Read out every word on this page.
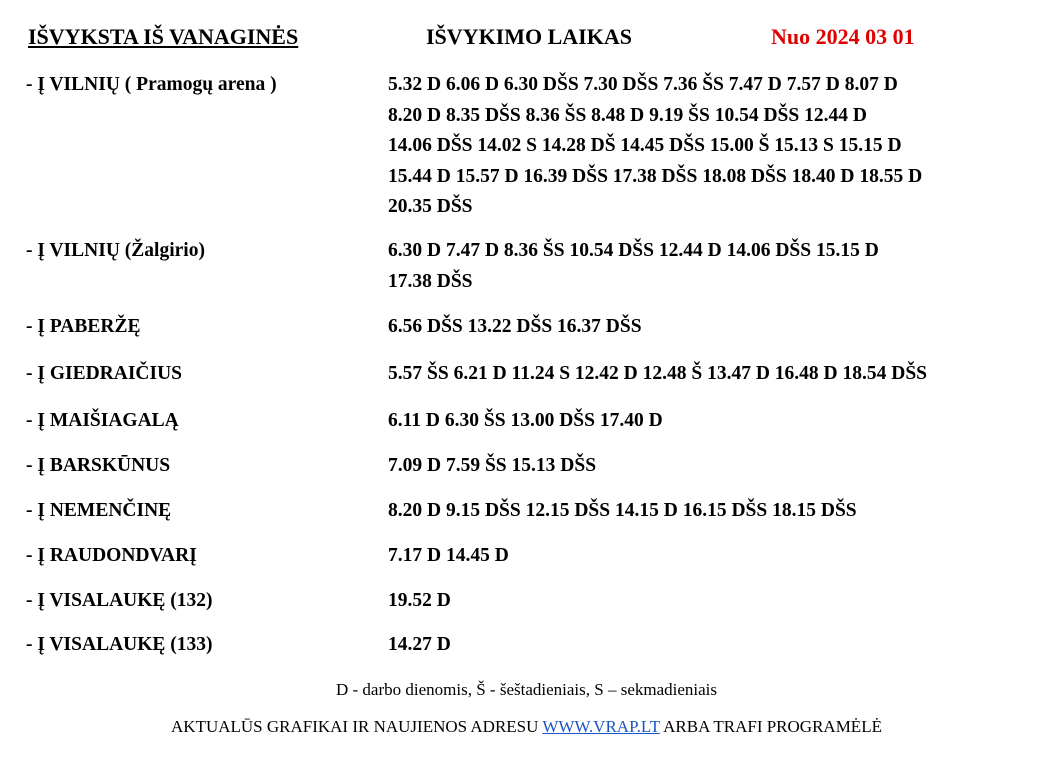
IŠVYKSTA IŠ VANAGINĖS	IŠVYKIMO LAIKAS	Nuo 2024 03 01
- Į VILNIŲ ( Pramogų arena )	5.32 D 6.06 D 6.30 DŠS 7.30 DŠS 7.36 ŠS 7.47 D 7.57 D 8.07 D
8.20 D 8.35 DŠS 8.36 ŠS 8.48 D 9.19 ŠS 10.54 DŠS 12.44 D
14.06 DŠS 14.02 S 14.28 DŠ 14.45 DŠS 15.00 Š 15.13 S 15.15 D
15.44 D 15.57 D 16.39 DŠS 17.38 DŠS 18.08 DŠS 18.40 D 18.55 D
20.35 DŠS
- Į VILNIŲ (Žalgirio)	6.30 D 7.47 D 8.36 ŠS 10.54 DŠS 12.44 D 14.06 DŠS 15.15 D
17.38 DŠS
- Į PABERŽĘ	6.56 DŠS 13.22 DŠS 16.37 DŠS
- Į GIEDRAIČIUS	5.57 ŠS 6.21 D 11.24 S 12.42 D 12.48 Š 13.47 D 16.48 D 18.54 DŠS
- Į MAIŠIAGALĄ	6.11 D 6.30 ŠS 13.00 DŠS 17.40 D
- Į BARSKŪNUS	7.09 D 7.59 ŠS 15.13 DŠS
- Į NEMENČINĘ	8.20 D 9.15 DŠS 12.15 DŠS 14.15 D 16.15 DŠS 18.15 DŠS
- Į RAUDONDVARĮ	7.17 D 14.45 D
- Į VISALAUKĘ (132)	19.52 D
- Į VISALAUKĘ (133)	14.27 D
D - darbo dienomis, Š - šeštadieniais, S – sekmadieniais
AKTUALŪS GRAFIKAI IR NAUJIENOS ADRESU WWW.VRAP.LT ARBA TRAFI PROGRAMĖLĖ
